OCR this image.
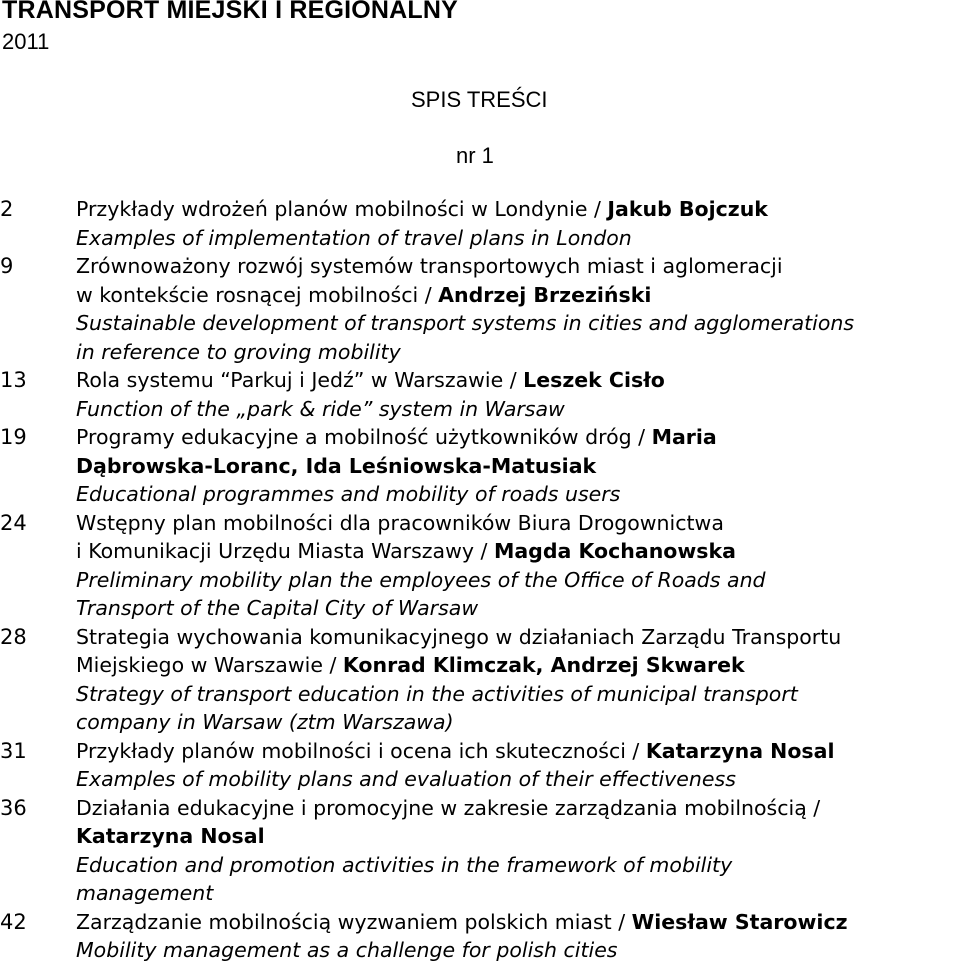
TRANSPORT MIEJSKI I REGIONALNY
2011
SPIS TREŚCI
nr 1
2	Przykłady wdrożeń planów mobilności w Londynie / Jakub Bojczuk
Examples of implementation of travel plans in London
9	Zrównoważony rozwój systemów transportowych miast i aglomeracji
w kontekście rosnącej mobilności / Andrzej Brzeziński
Sustainable development of transport systems in cities and agglomerations
in reference to groving mobility
13	Rola systemu “Parkuj i Jedź” w Warszawie / Leszek Cisło
Function of the „park & ride” system in Warsaw
19	Programy edukacyjne a mobilność użytkowników dróg / Maria
Dąbrowska-Loranc, Ida Leśniowska-Matusiak
Educational programmes and mobility of roads users
24	Wstępny plan mobilności dla pracowników Biura Drogownictwa
i Komunikacji Urzędu Miasta Warszawy / Magda Kochanowska
Preliminary mobility plan the employees of the Office of Roads and
Transport of the Capital City of Warsaw
28	Strategia wychowania komunikacyjnego w działaniach Zarządu Transportu
Miejskiego w Warszawie / Konrad Klimczak, Andrzej Skwarek
Strategy of transport education in the activities of municipal transport
company in Warsaw (ztm Warszawa)
31	Przykłady planów mobilności i ocena ich skuteczności / Katarzyna Nosal
Examples of mobility plans and evaluation of their effectiveness
36	Działania edukacyjne i promocyjne w zakresie zarządzania mobilnością /
Katarzyna Nosal
Education and promotion activities in the framework of mobility
management
42	Zarządzanie mobilnością wyzwaniem polskich miast / Wiesław Starowicz
Mobility management as a challenge for polish cities
